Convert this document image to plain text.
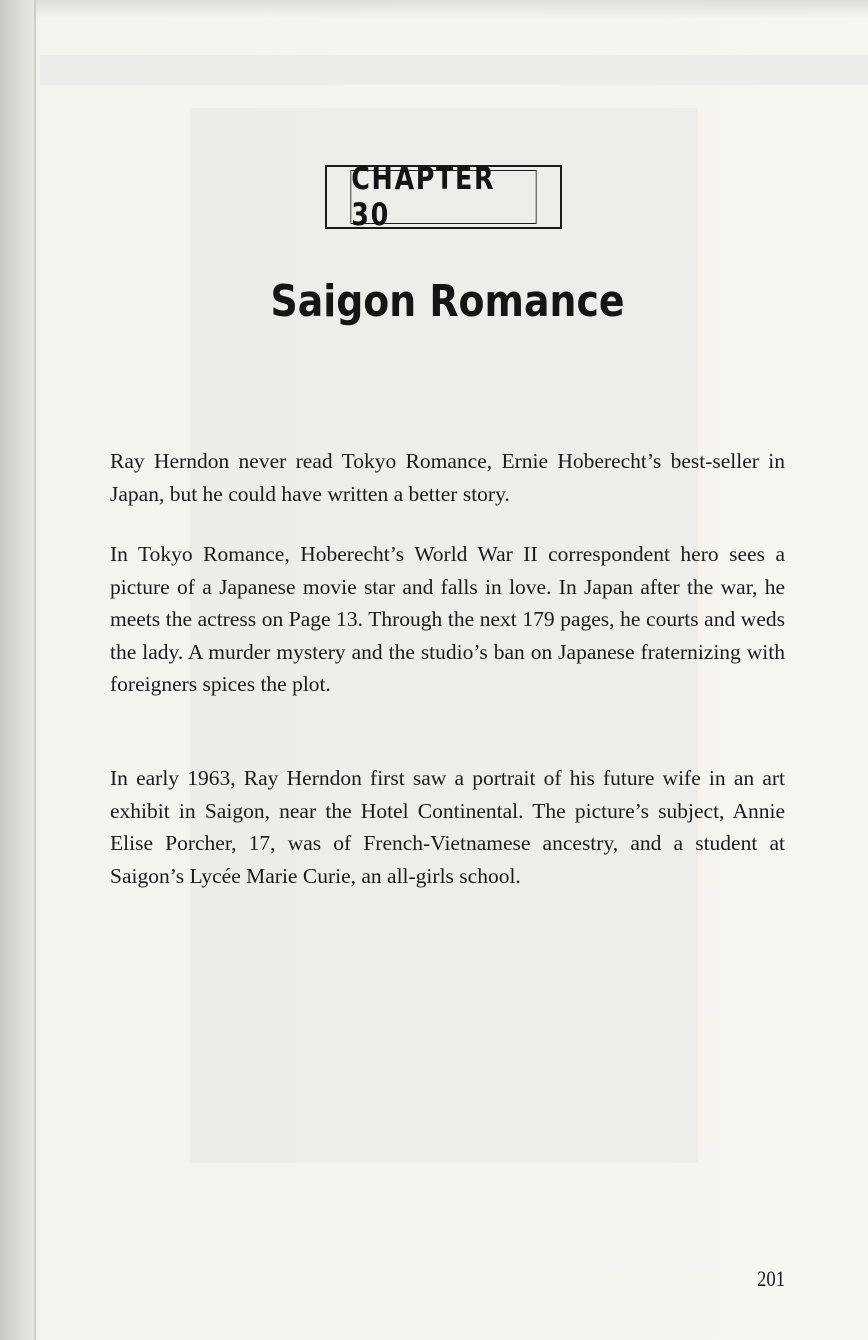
CHAPTER 30
Saigon Romance

Ray Herndon never read Tokyo Romance, Ernie Hoberecht’s best-seller in Japan, but he could have written a better story.

In Tokyo Romance, Hoberecht’s World War II correspondent hero sees a picture of a Japanese movie star and falls in love. In Japan after the war, he meets the actress on Page 13. Through the next 179 pages, he courts and weds the lady. A murder mystery and the studio’s ban on Japanese fraternizing with foreigners spices the plot.

In early 1963, Ray Herndon first saw a portrait of his future wife in an art exhibit in Saigon, near the Hotel Continental. The picture’s subject, Annie Elise Porcher, 17, was of French-Vietnamese ancestry, and a student at Saigon’s Lycée Marie Curie, an all-girls school.

201
